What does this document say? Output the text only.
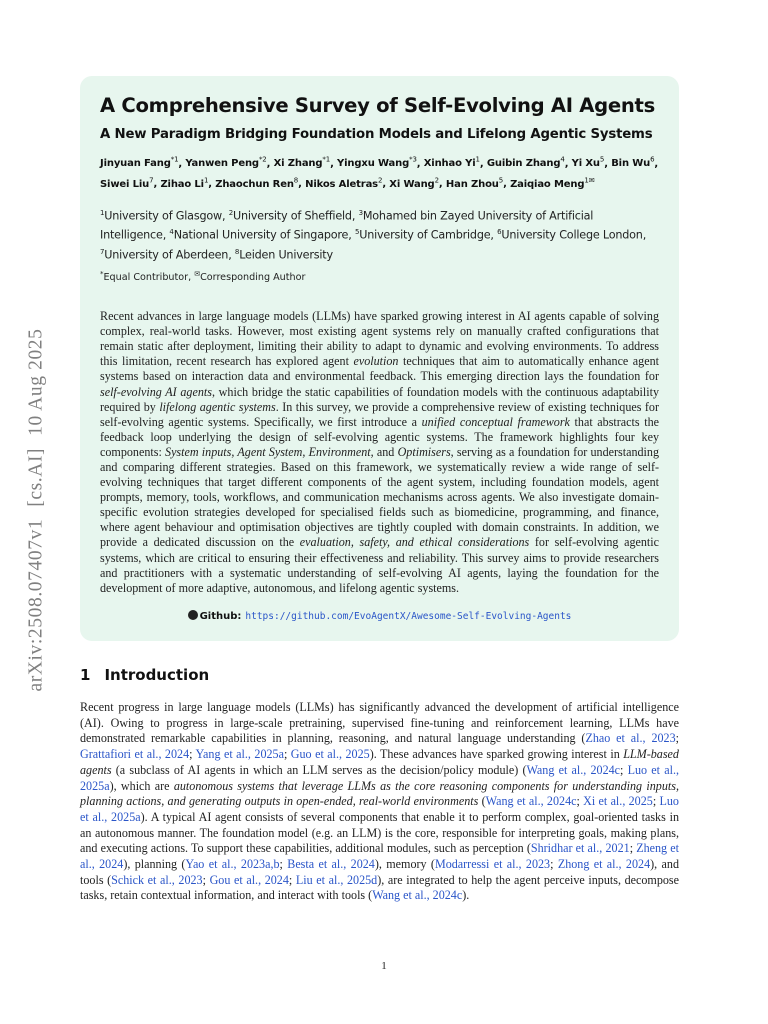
arXiv:2508.07407v1[cs.AI]10 Aug 2025
A Comprehensive Survey of Self-Evolving AI Agents
A New Paradigm Bridging Foundation Models and Lifelong Agentic Systems
Jinyuan Fang$^{*1}$, Yanwen Peng$^{*2}$, Xi Zhang$^{*1}$, Yingxu Wang$^{*3}$, Xinhao Yi$^1$, Guibin Zhang$^4$, Yi Xu$^5$, Bin Wu$^6$, Siwei Liu$^7$, Zihao Li$^1$, Zhaochun Ren$^8$, Nikos Aletras$^2$, Xi Wang$^2$, Han Zhou$^5$, Zaiqiao Meng$^{1✉}$
$^1$University of Glasgow, $^2$University of Sheffield, $^3$Mohamed bin Zayed University of Artificial Intelligence, $^4$National University of Singapore, $^5$University of Cambridge, $^6$University College London, $^7$University of Aberdeen, $^8$Leiden University
*Equal Contributor, ✉Corresponding Author
Recent advances in large language models (LLMs) have sparked growing interest in AI agents capable of solving complex, real-world tasks. However, most existing agent systems rely on manually crafted configurations that remain static after deployment, limiting their ability to adapt to dynamic and evolving environments. To address this limitation, recent research has explored agent evolution techniques that aim to automatically enhance agent systems based on interaction data and environmental feedback. This emerging direction lays the foundation for self-evolving AI agents, which bridge the static capabilities of foundation models with the continuous adaptability required by lifelong agentic systems. In this survey, we provide a comprehensive review of existing techniques for self-evolving agentic systems. Specifically, we first introduce a unified conceptual framework that abstracts the feedback loop underlying the design of self-evolving agentic systems. The framework highlights four key components: System inputs, Agent System, Environment, and Optimisers, serving as a foundation for understanding and comparing different strategies. Based on this framework, we systematically review a wide range of self-evolving techniques that target different components of the agent system, including foundation models, agent prompts, memory, tools, workflows, and communication mechanisms across agents. We also investigate domain-specific evolution strategies developed for specialised fields such as biomedicine, programming, and finance, where agent behaviour and optimisation objectives are tightly coupled with domain constraints. In addition, we provide a dedicated discussion on the evaluation, safety, and ethical considerations for self-evolving agentic systems, which are critical to ensuring their effectiveness and reliability. This survey aims to provide researchers and practitioners with a systematic understanding of self-evolving AI agents, laying the foundation for the development of more adaptive, autonomous, and lifelong agentic systems.
Github: https://github.com/EvoAgentX/Awesome-Self-Evolving-Agents
1 Introduction
Recent progress in large language models (LLMs) has significantly advanced the development of artificial intelligence (AI). Owing to progress in large-scale pretraining, supervised fine-tuning and reinforcement learning, LLMs have demonstrated remarkable capabilities in planning, reasoning, and natural language understanding (Zhao et al., 2023; Grattafiori et al., 2024; Yang et al., 2025a; Guo et al., 2025). These advances have sparked growing interest in LLM-based agents (a subclass of AI agents in which an LLM serves as the decision/policy module) (Wang et al., 2024c; Luo et al., 2025a), which are autonomous systems that leverage LLMs as the core reasoning components for understanding inputs, planning actions, and generating outputs in open-ended, real-world environments (Wang et al., 2024c; Xi et al., 2025; Luo et al., 2025a). A typical AI agent consists of several components that enable it to perform complex, goal-oriented tasks in an autonomous manner. The foundation model (e.g. an LLM) is the core, responsible for interpreting goals, making plans, and executing actions. To support these capabilities, additional modules, such as perception (Shridhar et al., 2021; Zheng et al., 2024), planning (Yao et al., 2023a,b; Besta et al., 2024), memory (Modarressi et al., 2023; Zhong et al., 2024), and tools (Schick et al., 2023; Gou et al., 2024; Liu et al., 2025d), are integrated to help the agent perceive inputs, decompose tasks, retain contextual information, and interact with tools (Wang et al., 2024c).
1
